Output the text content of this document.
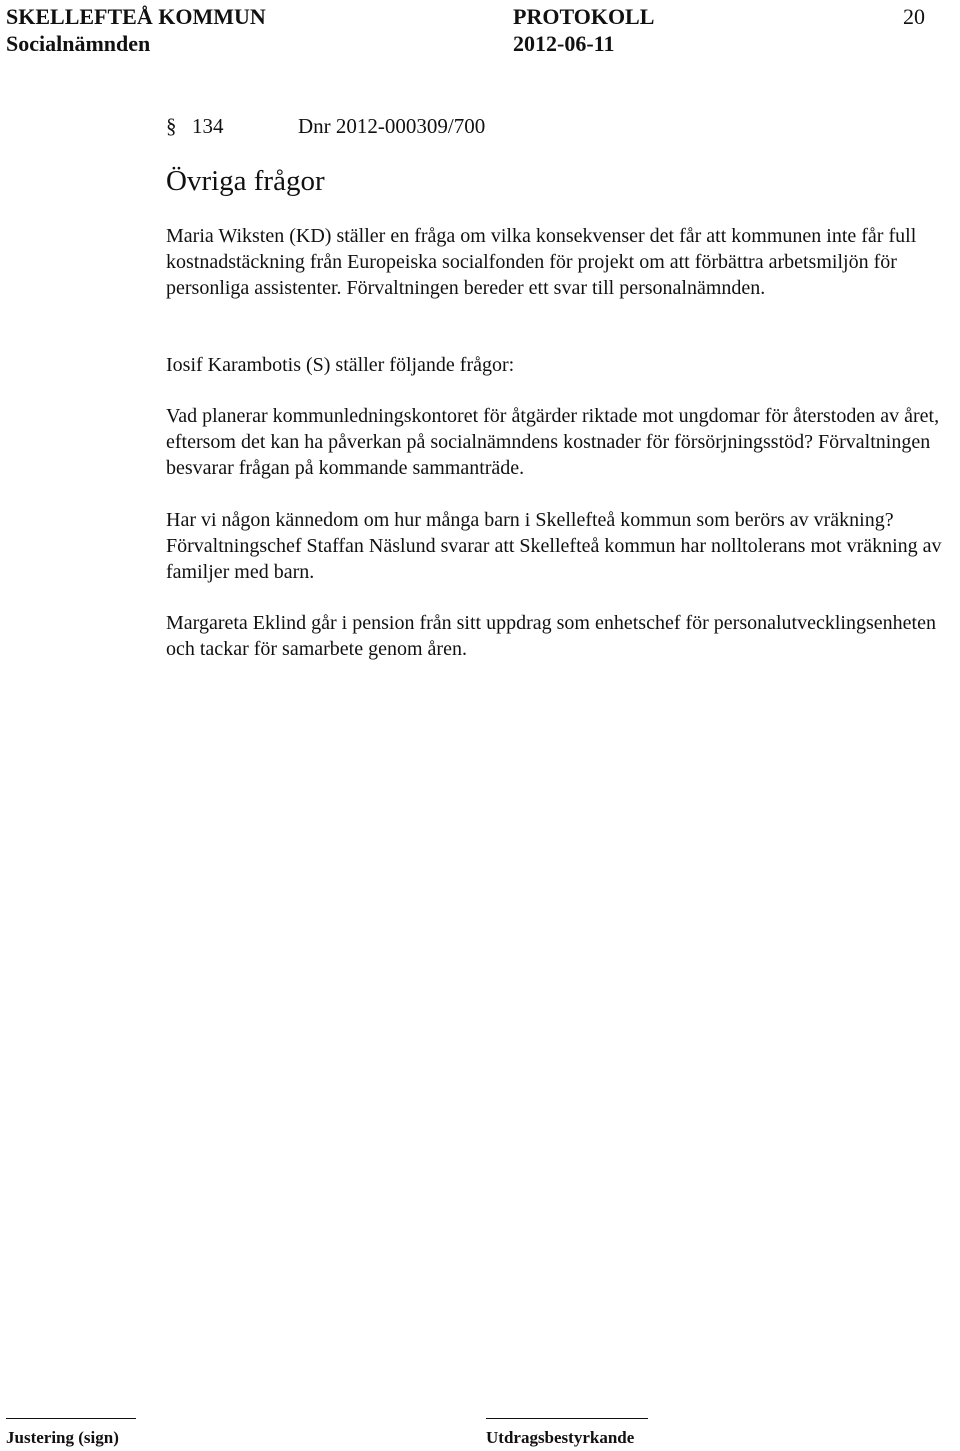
SKELLEFTEÅ KOMMUN	PROTOKOLL	20
Socialnämnden	2012-06-11
§ 134	Dnr 2012-000309/700
Övriga frågor

Maria Wiksten (KD) ställer en fråga om vilka konsekvenser det får att kommunen inte får full kostnadstäckning från Europeiska socialfonden för projekt om att förbättra arbetsmiljön för personliga assistenter. Förvaltningen bereder ett svar till personalnämnden.

Iosif Karambotis (S) ställer följande frågor:

Vad planerar kommunledningskontoret för åtgärder riktade mot ungdomar för återstoden av året, eftersom det kan ha påverkan på socialnämndens kostnader för försörjningsstöd? Förvaltningen besvarar frågan på kommande sammanträde.

Har vi någon kännedom om hur många barn i Skellefteå kommun som berörs av vräkning? Förvaltningschef Staffan Näslund svarar att Skellefteå kommun har nolltolerans mot vräkning av familjer med barn.

Margareta Eklind går i pension från sitt uppdrag som enhetschef för personalutvecklingsenheten och tackar för samarbete genom åren.

Justering (sign)	Utdragsbestyrkande
